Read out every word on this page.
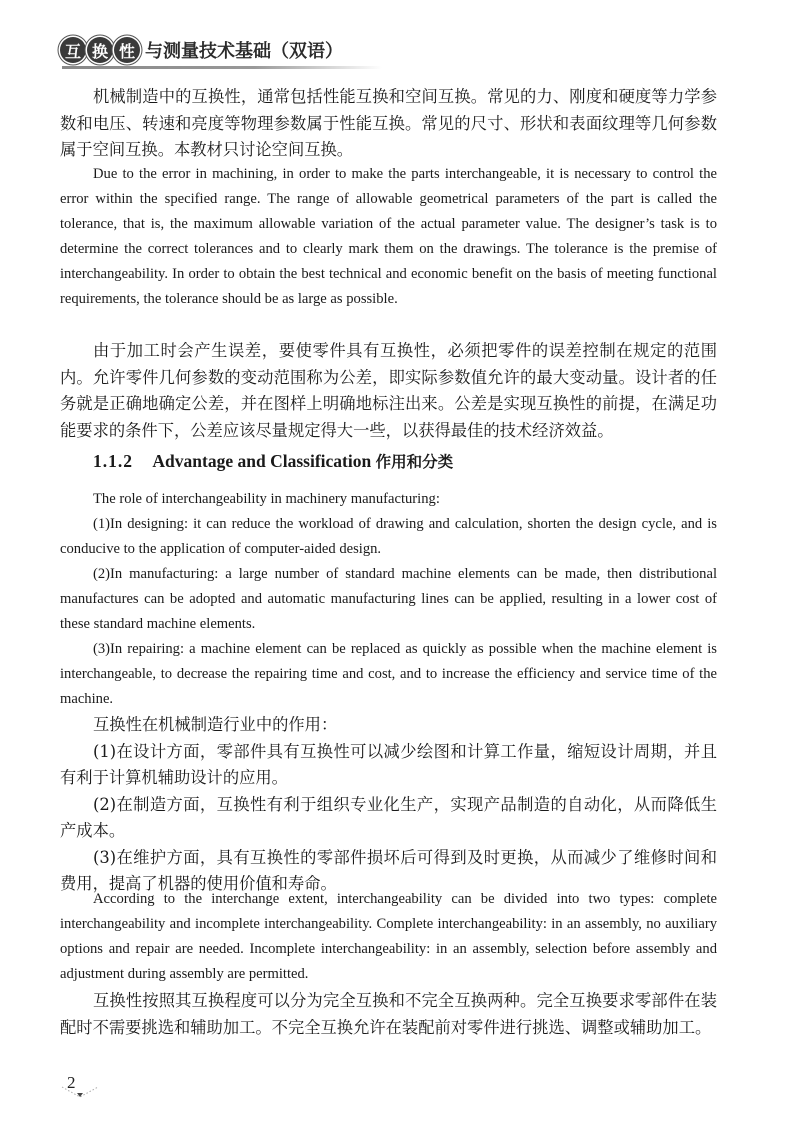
互 换 性 与测量技术基础（双语）

机械制造中的互换性，通常包括性能互换和空间互换。常见的力、刚度和硬度等力学参数和电压、转速和亮度等物理参数属于性能互换。常见的尺寸、形状和表面纹理等几何参数属于空间互换。本教材只讨论空间互换。

Due to the error in machining, in order to make the parts interchangeable, it is necessary to control the error within the specified range. The range of allowable geometrical parameters of the part is called the tolerance, that is, the maximum allowable variation of the actual parameter value. The designer’s task is to determine the correct tolerances and to clearly mark them on the drawings. The tolerance is the premise of interchangeability. In order to obtain the best technical and economic benefit on the basis of meeting functional requirements, the tolerance should be as large as possible.

由于加工时会产生误差，要使零件具有互换性，必须把零件的误差控制在规定的范围内。允许零件几何参数的变动范围称为公差，即实际参数值允许的最大变动量。设计者的任务就是正确地确定公差，并在图样上明确地标注出来。公差是实现互换性的前提，在满足功能要求的条件下，公差应该尽量规定得大一些，以获得最佳的技术经济效益。

1.1.2 Advantage and Classification 作用和分类

The role of interchangeability in machinery manufacturing:

(1)In designing: it can reduce the workload of drawing and calculation, shorten the design cycle, and is conducive to the application of computer-aided design.

(2)In manufacturing: a large number of standard machine elements can be made, then distributional manufactures can be adopted and automatic manufacturing lines can be applied, resulting in a lower cost of these standard machine elements.

(3)In repairing: a machine element can be replaced as quickly as possible when the machine element is interchangeable, to decrease the repairing time and cost, and to increase the efficiency and service time of the machine.

互换性在机械制造行业中的作用：

(1)在设计方面，零部件具有互换性可以减少绘图和计算工作量，缩短设计周期，并且有利于计算机辅助设计的应用。

(2)在制造方面，互换性有利于组织专业化生产，实现产品制造的自动化，从而降低生产成本。

(3)在维护方面，具有互换性的零部件损坏后可得到及时更换，从而减少了维修时间和费用，提高了机器的使用价值和寿命。

According to the interchange extent, interchangeability can be divided into two types: complete interchangeability and incomplete interchangeability. Complete interchangeability: in an assembly, no auxiliary options and repair are needed. Incomplete interchangeability: in an assembly, selection before assembly and adjustment during assembly are permitted.

互换性按照其互换程度可以分为完全互换和不完全互换两种。完全互换要求零部件在装配时不需要挑选和辅助加工。不完全互换允许在装配前对零件进行挑选、调整或辅助加工。

2
